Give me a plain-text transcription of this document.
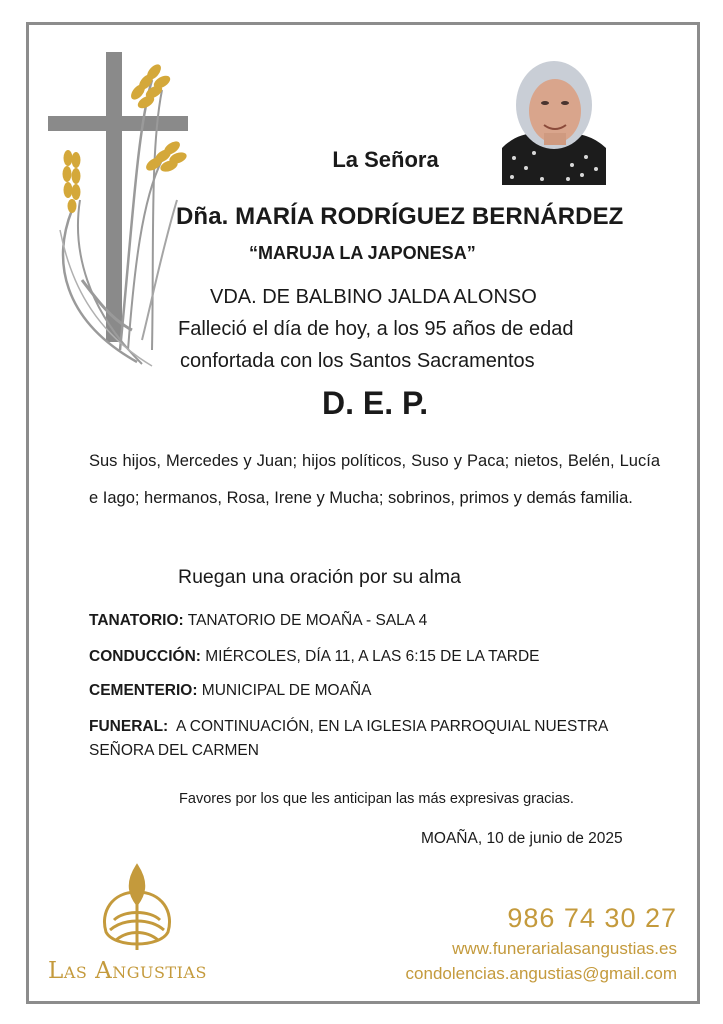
La Señora
Dña. MARÍA RODRÍGUEZ BERNÁRDEZ
“MARUJA LA JAPONESA”
VDA. DE BALBINO JALDA ALONSO
Falleció el día de hoy, a los 95 años de edad
confortada con los Santos Sacramentos
D. E. P.
Sus hijos, Mercedes y Juan; hijos políticos, Suso y Paca; nietos, Belén, Lucía e Iago; hermanos, Rosa, Irene y Mucha; sobrinos, primos y demás familia.
Ruegan una oración por su alma
TANATORIO: TANATORIO DE MOAÑA - SALA 4
CONDUCCIÓN: MIÉRCOLES, DÍA 11, A LAS 6:15 DE LA TARDE
CEMENTERIO: MUNICIPAL DE MOAÑA
FUNERAL:  A CONTINUACIÓN, EN LA IGLESIA PARROQUIAL NUESTRA SEÑORA DEL CARMEN
Favores por los que les anticipan las más expresivas gracias.
MOAÑA, 10 de junio de 2025
Las Angustias
986 74 30 27
www.funerarialasangustias.es
condolencias.angustias@gmail.com
